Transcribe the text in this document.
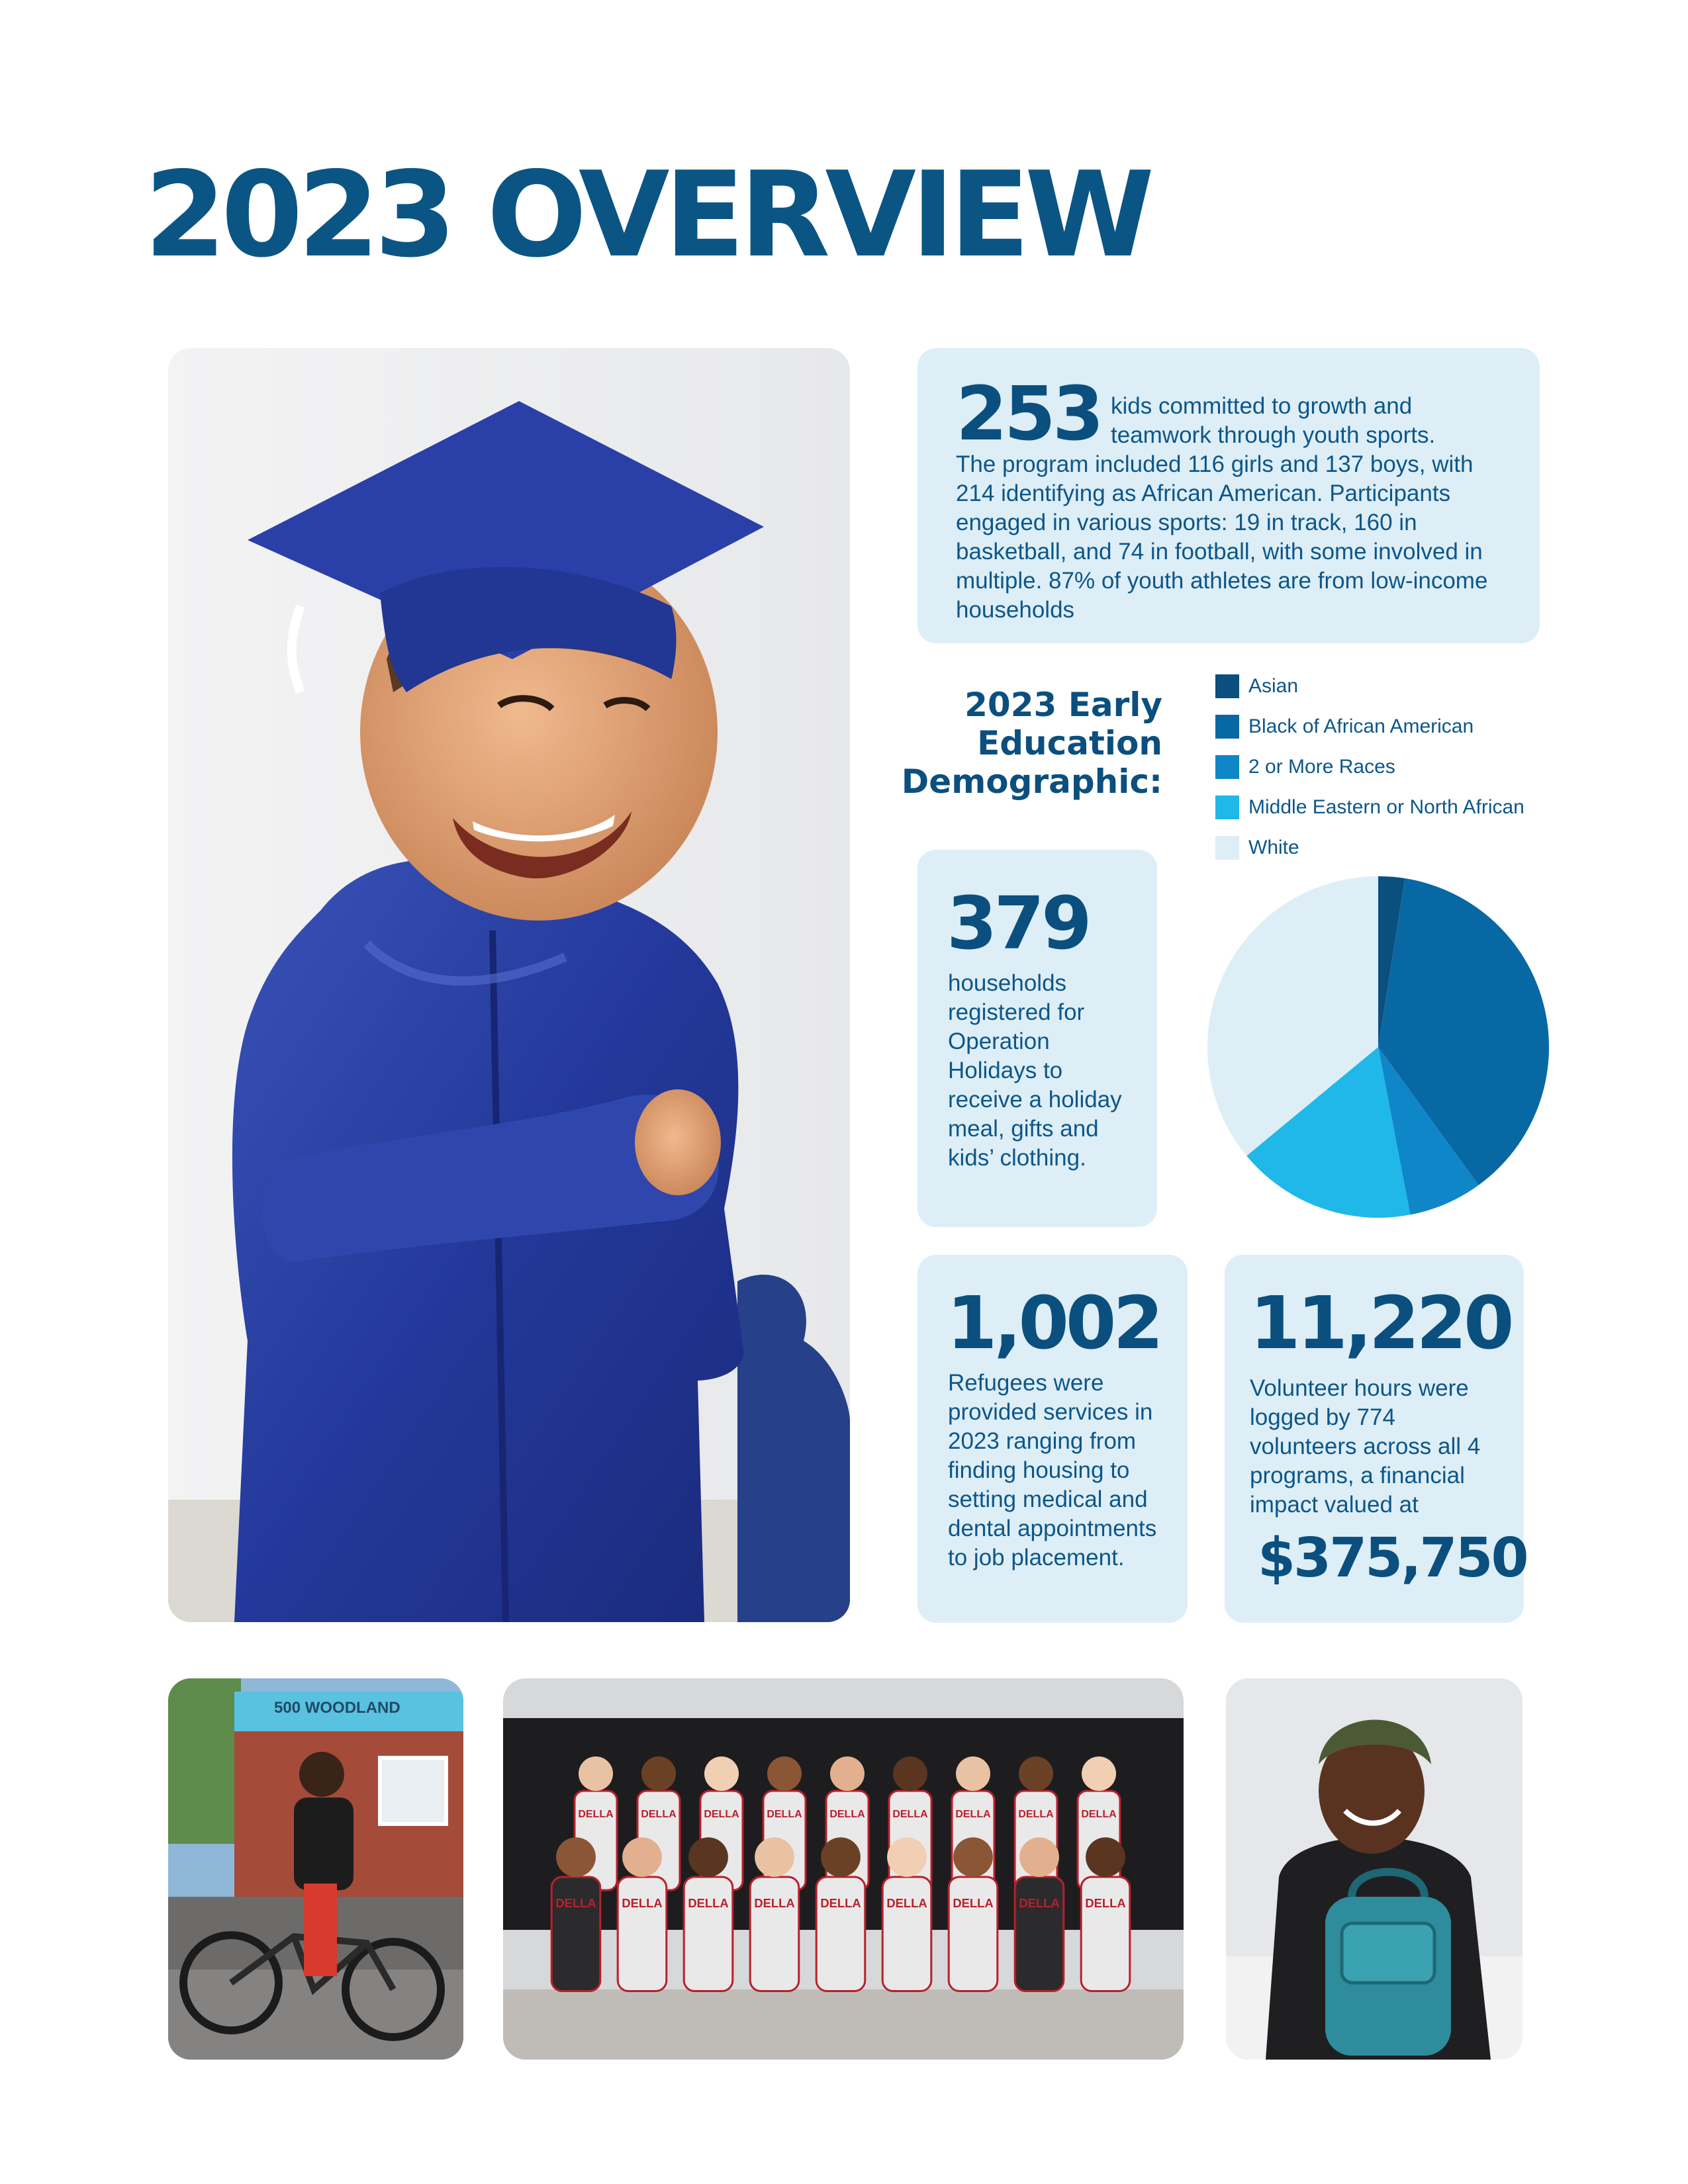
2023 OVERVIEW
253 kids committed to growth and teamwork through youth sports.
The program included 116 girls and 137 boys, with 214 identifying as African American. Participants engaged in various sports: 19 in track, 160 in basketball, and 74 in football, with some involved in multiple. 87% of youth athletes are from low-income households
2023 Early
Education
Demographic:
Asian
Black of African American
2 or More Races
Middle Eastern or North African
White
379
households registered for Operation Holidays to receive a holiday meal, gifts and kids’ clothing.
1,002
Refugees were provided services in 2023 ranging from finding housing to setting medical and dental appointments to job placement.
11,220
Volunteer hours were logged by 774 volunteers across all 4 programs, a financial impact valued at
$375,750
500 WOODLAND
DELLA	DELLA	DELLA	DELLA	DELLA	DELLA	DELLA	DELLA	DELLA
DELLA DELLA DELLA DELLA DELLA DELLA DELLA DELLA DELLA
